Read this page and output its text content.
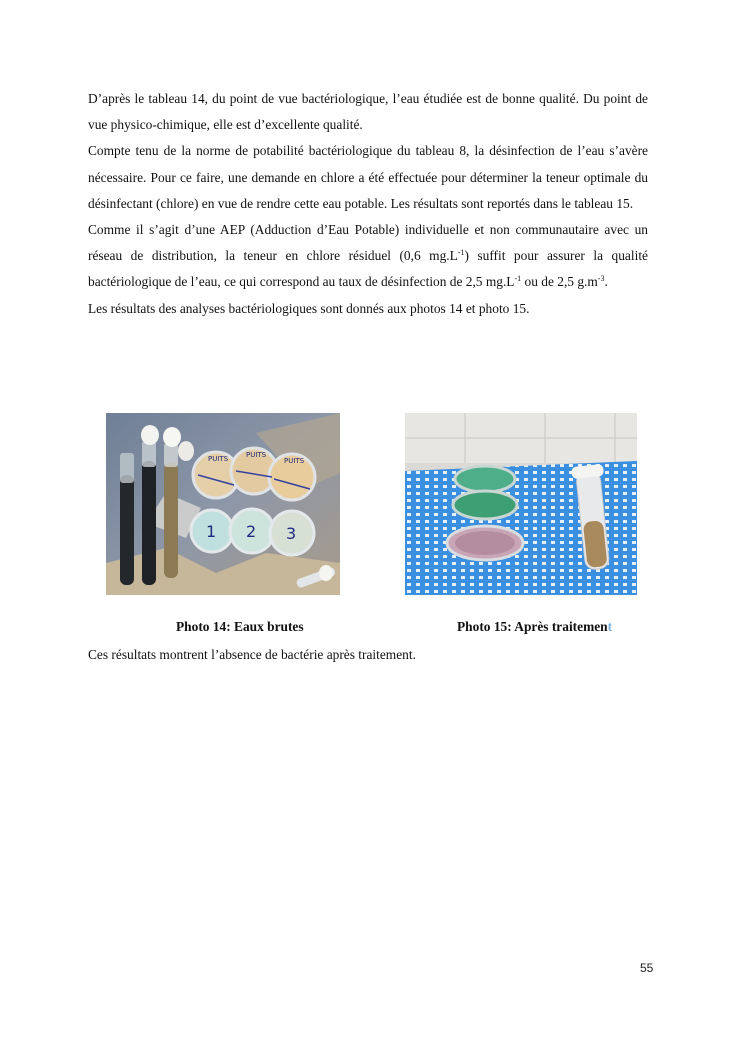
D’après le tableau 14, du point de vue bactériologique, l’eau étudiée est de bonne qualité. Du point de vue physico-chimique, elle est d’excellente qualité.

Compte tenu de la norme de potabilité bactériologique du tableau 8, la désinfection de l’eau s’avère nécessaire. Pour ce faire, une demande en chlore a été effectuée pour déterminer la teneur optimale du désinfectant (chlore) en vue de rendre cette eau potable. Les résultats sont reportés dans le tableau 15.

Comme il s’agit d’une AEP (Adduction d’Eau Potable) individuelle et non communautaire avec un réseau de distribution, la teneur en chlore résiduel (0,6 $mg.L^{-1}$) suffit pour assurer la qualité bactériologique de l’eau, ce qui correspond au taux de désinfection de 2,5 $mg.L^{-1}$ ou de 2,5 $g.m^{-3}$.

Les résultats des analyses bactériologiques sont donnés aux photos 14 et photo 15.

PUITS	PUITS
PUITS
1 2 3
Photo 14: Eaux brutes	Photo 15: Après traitement

Ces résultats montrent l’absence de bactérie après traitement.

55
